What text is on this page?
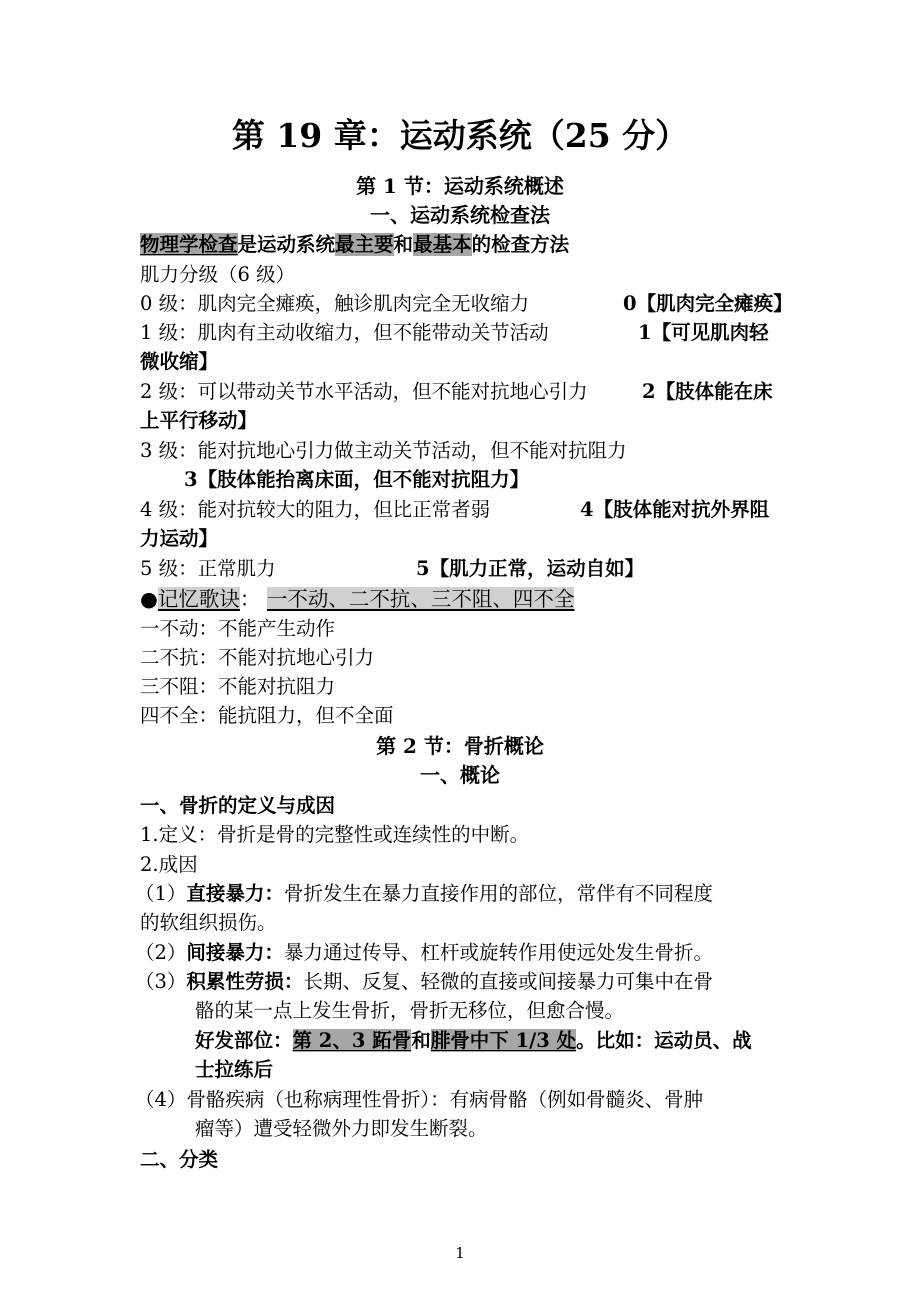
第 19 章：运动系统（25 分）
第 1 节：运动系统概述
一、运动系统检查法
物理学检查是运动系统最主要和最基本的检查方法
肌力分级（6 级）
0 级：肌肉完全瘫痪，触诊肌肉完全无收缩力	0【肌肉完全瘫痪】
1 级：肌肉有主动收缩力，但不能带动关节活动	1【可见肌肉轻
微收缩】
2 级：可以带动关节水平活动，但不能对抗地心引力	2【肢体能在床
上平行移动】
3 级：能对抗地心引力做主动关节活动，但不能对抗阻力
3【肢体能抬离床面，但不能对抗阻力】
4 级：能对抗较大的阻力，但比正常者弱	4【肢体能对抗外界阻
力运动】
5 级：正常肌力	5【肌力正常，运动自如】
●记忆歌诀： 一不动、二不抗、三不阻、四不全
一不动：不能产生动作
二不抗：不能对抗地心引力
三不阻：不能对抗阻力
四不全：能抗阻力，但不全面
第 2 节：骨折概论
一、概论
一、骨折的定义与成因
1.定义：骨折是骨的完整性或连续性的中断。
2.成因
（1）直接暴力：骨折发生在暴力直接作用的部位，常伴有不同程度
的软组织损伤。
（2）间接暴力：暴力通过传导、杠杆或旋转作用使远处发生骨折。
（3）积累性劳损：长期、反复、轻微的直接或间接暴力可集中在骨
骼的某一点上发生骨折，骨折无移位，但愈合慢。
好发部位：第 2、3 跖骨和腓骨中下 1/3 处。比如：运动员、战
士拉练后
（4）骨骼疾病（也称病理性骨折）：有病骨骼（例如骨髓炎、骨肿
瘤等）遭受轻微外力即发生断裂。
二、分类
1
